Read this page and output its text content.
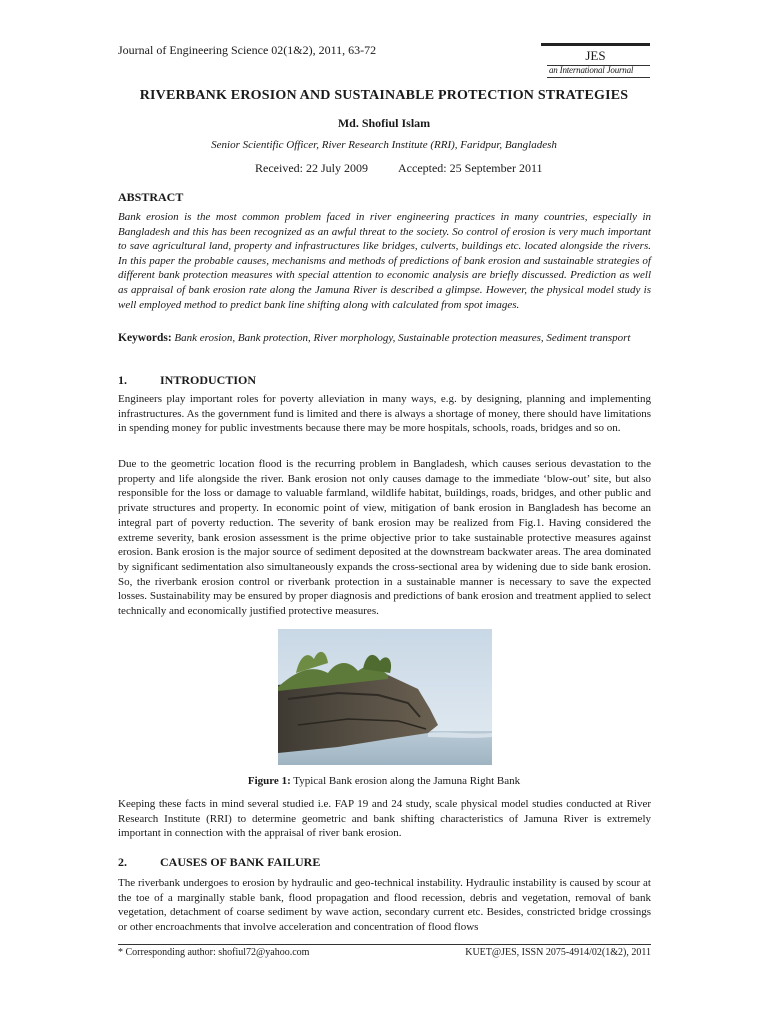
Journal of Engineering Science 02(1&2), 2011, 63-72	JES
an International Journal
RIVERBANK EROSION AND SUSTAINABLE PROTECTION STRATEGIES
Md. Shofiul Islam
Senior Scientific Officer, River Research Institute (RRI), Faridpur, Bangladesh
Received: 22 July 2009	Accepted: 25 September 2011
ABSTRACT

Bank erosion is the most common problem faced in river engineering practices in many countries, especially in Bangladesh and this has been recognized as an awful threat to the society. So control of erosion is very much important to save agricultural land, property and infrastructures like bridges, culverts, buildings etc. located alongside the rivers. In this paper the probable causes, mechanisms and methods of predictions of bank erosion and sustainable strategies of different bank protection measures with special attention to economic analysis are briefly discussed. Prediction as well as appraisal of bank erosion rate along the Jamuna River is described a glimpse. However, the physical model study is well employed method to predict bank line shifting along with calculated from spot images.

Keywords: Bank erosion, Bank protection, River morphology, Sustainable protection measures, Sediment transport

1.	INTRODUCTION

Engineers play important roles for poverty alleviation in many ways, e.g. by designing, planning and implementing infrastructures. As the government fund is limited and there is always a shortage of money, there should have limitations in spending money for public investments because there may be more hospitals, schools, roads, bridges and so on.

Due to the geometric location flood is the recurring problem in Bangladesh, which causes serious devastation to the property and life alongside the river. Bank erosion not only causes damage to the immediate ‘blow-out’ site, but also responsible for the loss or damage to valuable farmland, wildlife habitat, buildings, roads, bridges, and other public and private structures and property. In economic point of view, mitigation of bank erosion in Bangladesh has become an integral part of poverty reduction. The severity of bank erosion may be realized from Fig.1. Having considered the extreme severity, bank erosion assessment is the prime objective prior to take sustainable protective measures against erosion. Bank erosion is the major source of sediment deposited at the downstream backwater areas. The area dominated by significant sedimentation also simultaneously expands the cross-sectional area by widening due to side bank erosion. So, the riverbank erosion control or riverbank protection in a sustainable manner is necessary to save the expected losses. Sustainability may be ensured by proper diagnosis and predictions of bank erosion and treatment applied to select technically and economically justified protective measures.

Figure 1: Typical Bank erosion along the Jamuna Right Bank

Keeping these facts in mind several studied i.e. FAP 19 and 24 study, scale physical model studies conducted at River Research Institute (RRI) to determine geometric and bank shifting characteristics of Jamuna River is extremely important in connection with the appraisal of river bank erosion.

2.	CAUSES OF BANK FAILURE

The riverbank undergoes to erosion by hydraulic and geo-technical instability. Hydraulic instability is caused by scour at the toe of a marginally stable bank, flood propagation and flood recession, debris and vegetation, removal of bank vegetation, detachment of coarse sediment by wave action, secondary current etc. Besides, constricted bridge crossings or other encroachments that involve acceleration and concentration of flood flows

* Corresponding author: shofiul72@yahoo.com	KUET@JES, ISSN 2075-4914/02(1&2), 2011
